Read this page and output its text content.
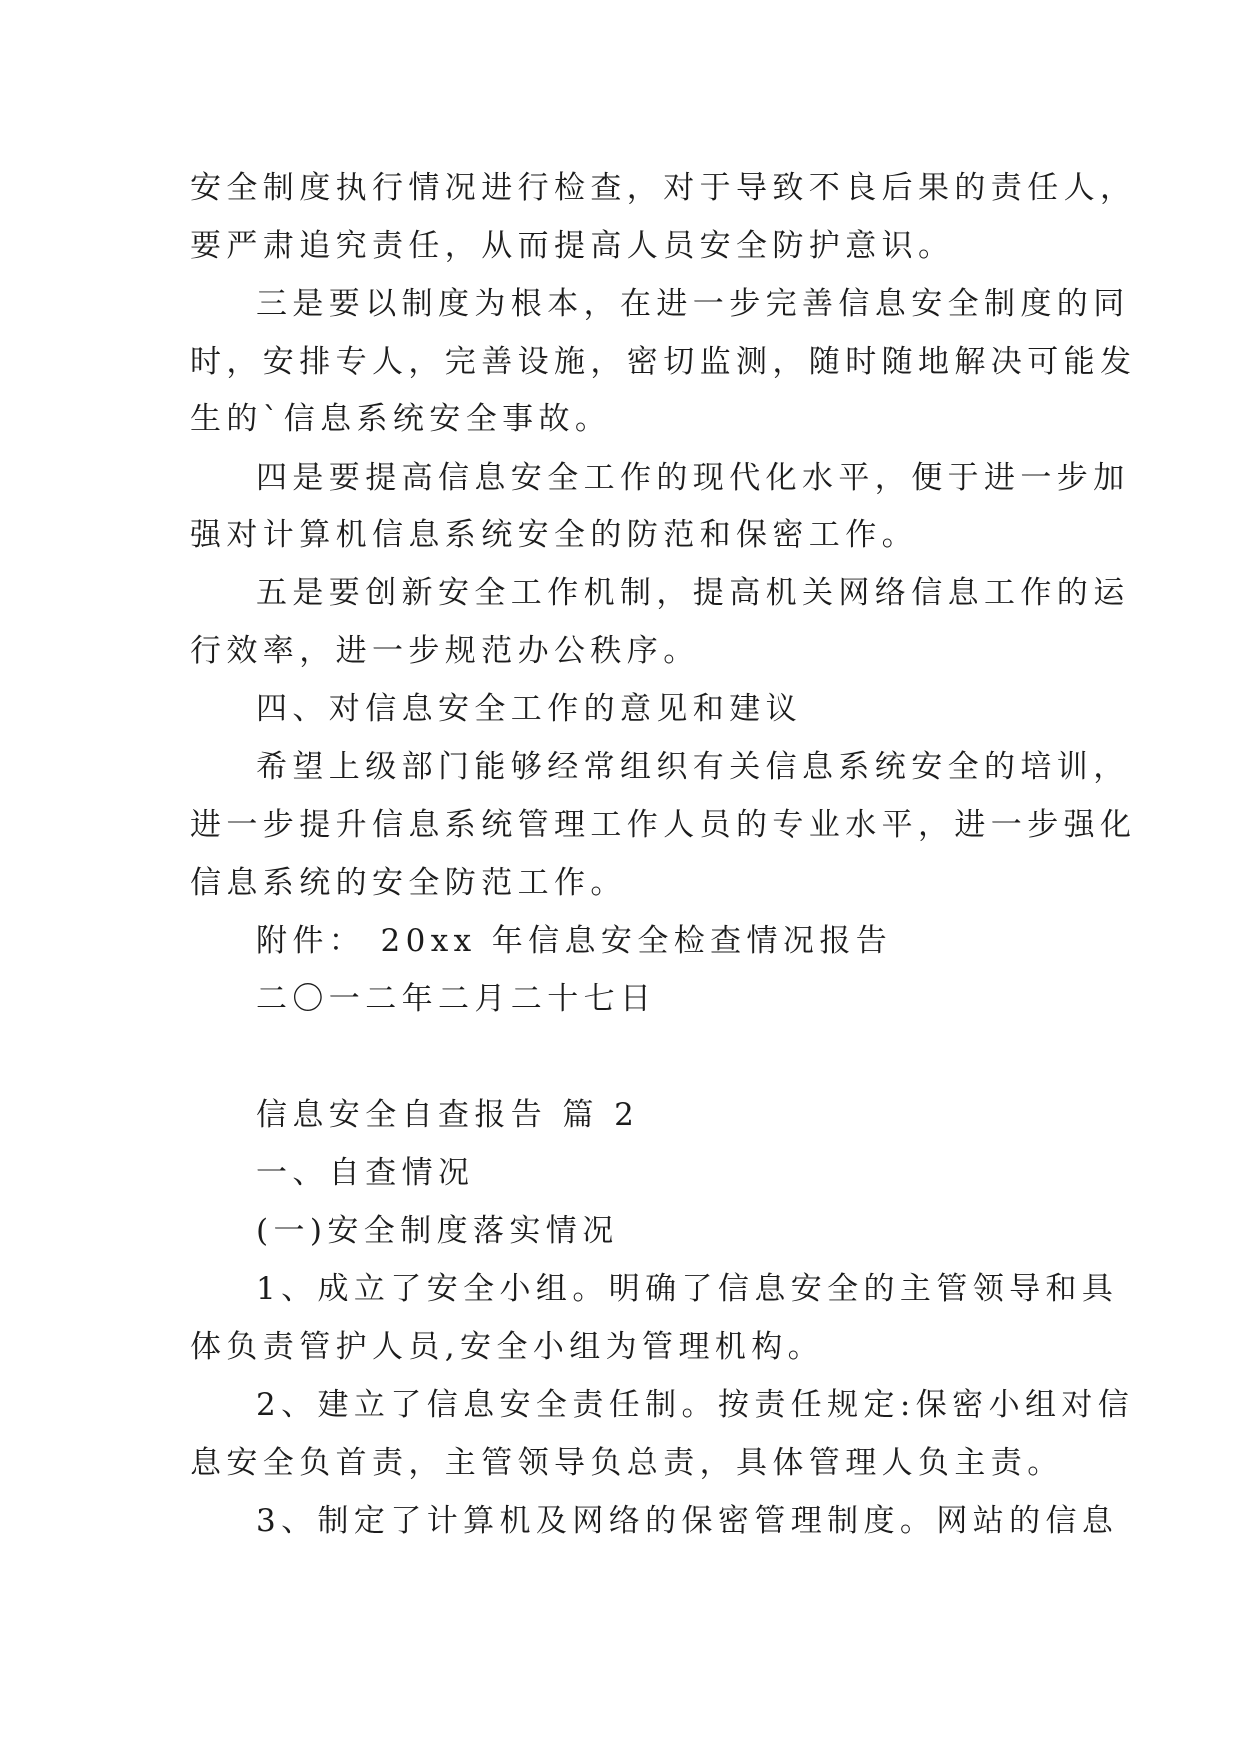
安全制度执行情况进行检查，对于导致不良后果的责任人，
要严肃追究责任，从而提高人员安全防护意识。
三是要以制度为根本，在进一步完善信息安全制度的同
时，安排专人，完善设施，密切监测，随时随地解决可能发
生的`信息系统安全事故。
四是要提高信息安全工作的现代化水平，便于进一步加
强对计算机信息系统安全的防范和保密工作。
五是要创新安全工作机制，提高机关网络信息工作的运
行效率，进一步规范办公秩序。
四、对信息安全工作的意见和建议
希望上级部门能够经常组织有关信息系统安全的培训，
进一步提升信息系统管理工作人员的专业水平，进一步强化
信息系统的安全防范工作。
附件： 20xx 年信息安全检查情况报告
二〇一二年二月二十七日
信息安全自查报告 篇 2
一、自查情况
(一)安全制度落实情况
1、成立了安全小组。明确了信息安全的主管领导和具
体负责管护人员,安全小组为管理机构。
2、建立了信息安全责任制。按责任规定:保密小组对信
息安全负首责，主管领导负总责，具体管理人负主责。
3、制定了计算机及网络的保密管理制度。网站的信息
